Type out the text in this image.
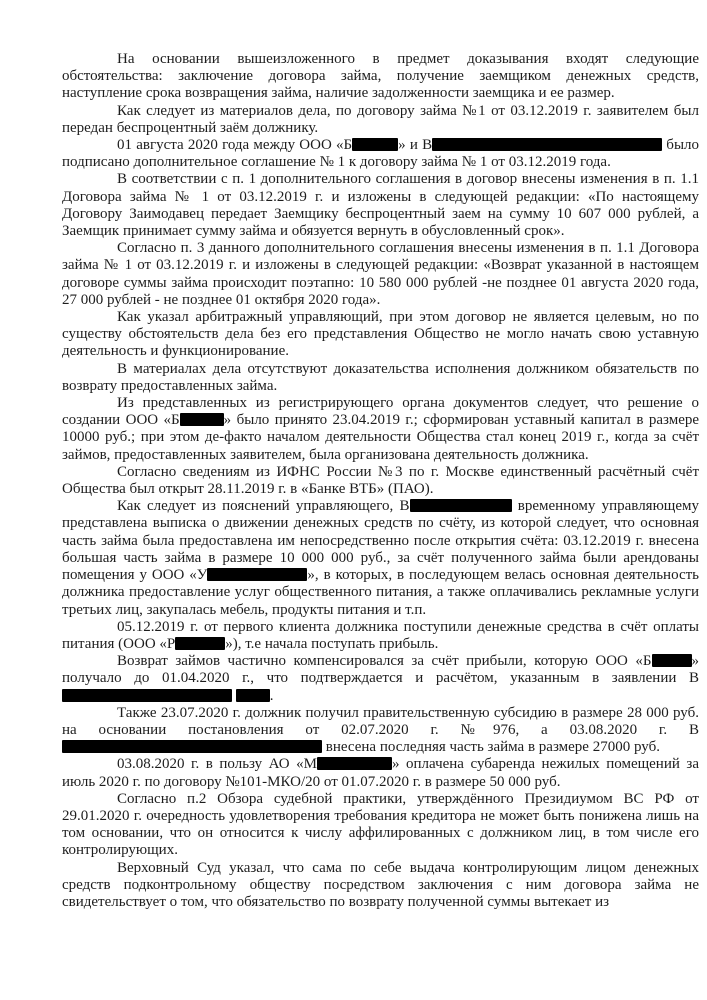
На основании вышеизложенного в предмет доказывания входят следующие обстоятельства: заключение договора займа, получение заемщиком денежных средств, наступление срока возвращения займа, наличие задолженности заемщика и ее размер.

Как следует из материалов дела, по договору займа №1 от 03.12.2019 г. заявителем был передан беспроцентный заём должнику.

01 августа 2020 года между ООО «Б	» и В	было подписано дополнительное соглашение № 1 к договору займа № 1 от 03.12.2019 года.

В соответствии с п. 1 дополнительного соглашения в договор внесены изменения в п. 1.1 Договора займа № 1 от 03.12.2019 г. и изложены в следующей редакции: «По настоящему Договору Заимодавец передает Заемщику беспроцентный заем на сумму 10 607 000 рублей, а Заемщик принимает сумму займа и обязуется вернуть в обусловленный срок».

Согласно п. 3 данного дополнительного соглашения внесены изменения в п. 1.1 Договора займа № 1 от 03.12.2019 г. и изложены в следующей редакции: «Возврат указанной в настоящем договоре суммы займа происходит поэтапно: 10 580 000 рублей -не позднее 01 августа 2020 года, 27 000 рублей - не позднее 01 октября 2020 года».

Как указал арбитражный управляющий, при этом договор не является целевым, но по существу обстоятельств дела без его представления Общество не могло начать свою уставную деятельность и функционирование.

В материалах дела отсутствуют доказательства исполнения должником обязательств по возврату предоставленных займа.

Из представленных из регистрирующего органа документов следует, что решение о создании ООО «Б	» было принято 23.04.2019 г.; сформирован уставный капитал в размере 10000 руб.; при этом де-факто началом деятельности Общества стал конец 2019 г., когда за счёт займов, предоставленных заявителем, была организована деятельность должника.

Согласно сведениям из ИФНС России №3 по г. Москве единственный расчётный счёт Общества был открыт 28.11.2019 г. в «Банке ВТБ» (ПАО).

Как следует из пояснений управляющего, В	временному управляющему представлена выписка о движении денежных средств по счёту, из которой следует, что основная часть займа была предоставлена им непосредственно после открытия счёта: 03.12.2019 г. внесена большая часть займа в размере 10 000 000 руб., за счёт полученного займа были арендованы помещения у ООО «У	», в которых, в последующем велась основная деятельность должника предоставление услуг общественного питания, а также оплачивались рекламные услуги третьих лиц, закупалась мебель, продукты питания и т.п.

05.12.2019 г. от первого клиента должника поступили денежные средства в счёт оплаты питания (ООО «Р	»), т.е начала поступать прибыль.

Возврат займов частично компенсировался за счёт прибыли, которую ООО «Б	» получало до 01.04.2020 г., что подтверждается и расчётом, указанным в заявлении В .

Также 23.07.2020 г. должник получил правительственную субсидию в размере 28 000 руб. на основании постановления от 02.07.2020 г. №976, а 03.08.2020 г. В внесена последняя часть займа в размере 27000 руб.

03.08.2020 г. в пользу АО «М	» оплачена субаренда нежилых помещений за июль 2020 г. по договору №101-МКО/20 от 01.07.2020 г. в размере 50 000 руб.

Согласно п.2 Обзора судебной практики, утверждённого Президиумом ВС РФ от 29.01.2020 г. очередность удовлетворения требования кредитора не может быть понижена лишь на том основании, что он относится к числу аффилированных с должником лиц, в том числе его контролирующих.

Верховный Суд указал, что сама по себе выдача контролирующим лицом денежных средств подконтрольному обществу посредством заключения с ним договора займа не свидетельствует о том, что обязательство по возврату полученной суммы вытекает из
